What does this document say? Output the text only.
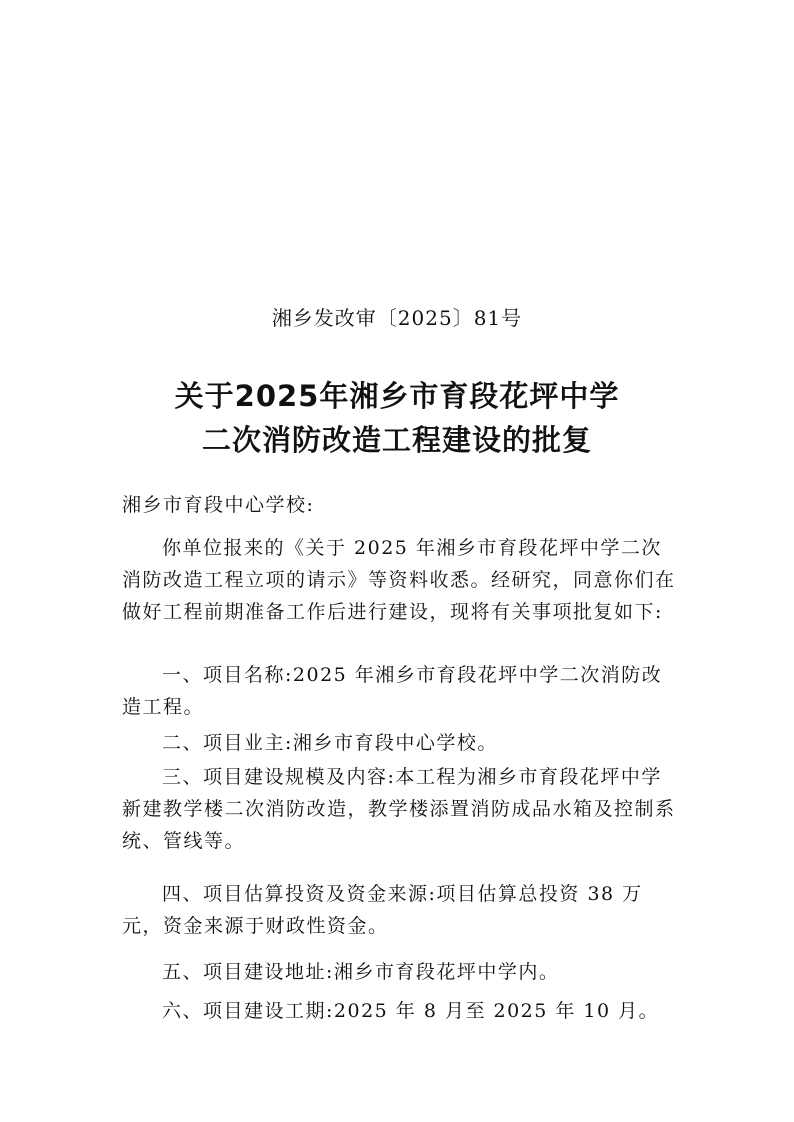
湘乡发改审〔2025〕81号
关于2025年湘乡市育段花坪中学
二次消防改造工程建设的批复
湘乡市育段中心学校:
你单位报来的《关于 2025 年湘乡市育段花坪中学二次消防改造工程立项的请示》等资料收悉。经研究，同意你们在做好工程前期准备工作后进行建设，现将有关事项批复如下:
一、项目名称:2025 年湘乡市育段花坪中学二次消防改造工程。
二、项目业主:湘乡市育段中心学校。
三、项目建设规模及内容:本工程为湘乡市育段花坪中学新建教学楼二次消防改造，教学楼添置消防成品水箱及控制系统、管线等。
四、项目估算投资及资金来源:项目估算总投资 38 万元，资金来源于财政性资金。
五、项目建设地址:湘乡市育段花坪中学内。
六、项目建设工期:2025 年 8 月至 2025 年 10 月。
